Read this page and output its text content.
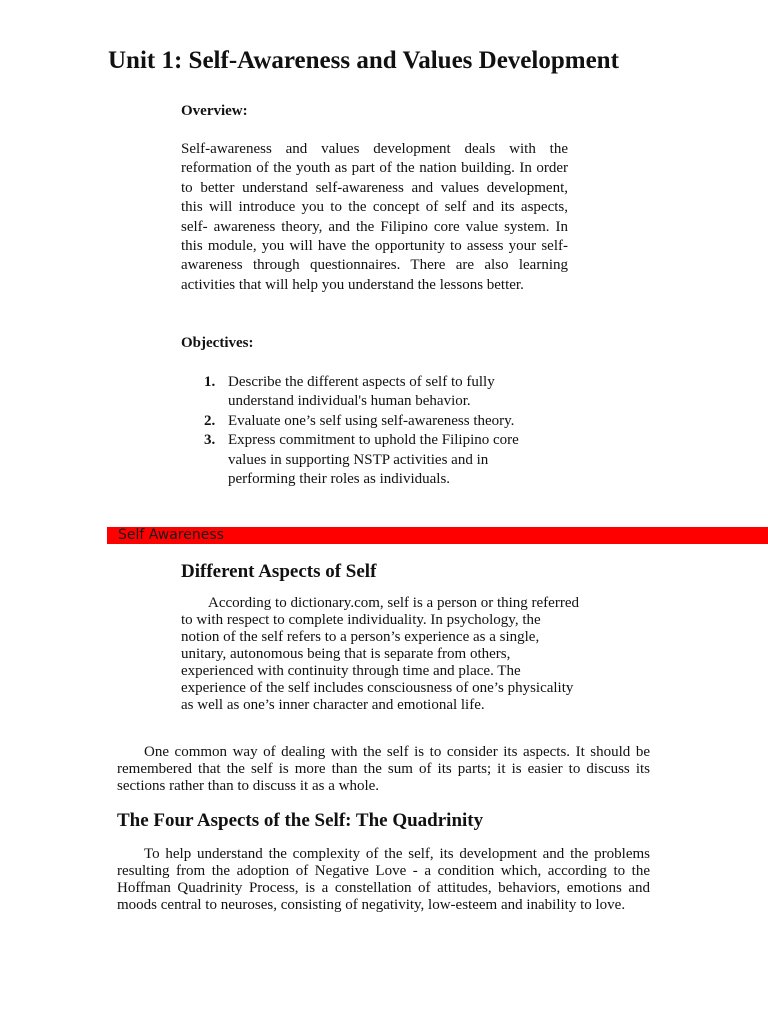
Unit 1: Self-Awareness and Values Development

Overview:

Self-awareness and values development deals with the reformation of the youth as part of the nation building. In order to better understand self-awareness and values development, this will introduce you to the concept of self and its aspects, self- awareness theory, and the Filipino core value system. In this module, you will have the opportunity to assess your self-awareness through questionnaires. There are also learning activities that will help you understand the lessons better.

Objectives:

1. Describe the different aspects of self to fully understand individual's human behavior.
2. Evaluate one’s self using self-awareness theory.
3. Express commitment to uphold the Filipino core values in supporting NSTP activities and in performing their roles as individuals.
Self Awareness
Different Aspects of Self

According to dictionary.com, self is a person or thing referred to with respect to complete individuality. In psychology, the notion of the self refers to a person’s experience as a single, unitary, autonomous being that is separate from others, experienced with continuity through time and place. The experience of the self includes consciousness of one’s physicality as well as one’s inner character and emotional life.

One common way of dealing with the self is to consider its aspects. It should be remembered that the self is more than the sum of its parts; it is easier to discuss its sections rather than to discuss it as a whole.

The Four Aspects of the Self: The Quadrinity

To help understand the complexity of the self, its development and the problems resulting from the adoption of Negative Love - a condition which, according to the Hoffman Quadrinity Process, is a constellation of attitudes, behaviors, emotions and moods central to neuroses, consisting of negativity, low-esteem and inability to love.
